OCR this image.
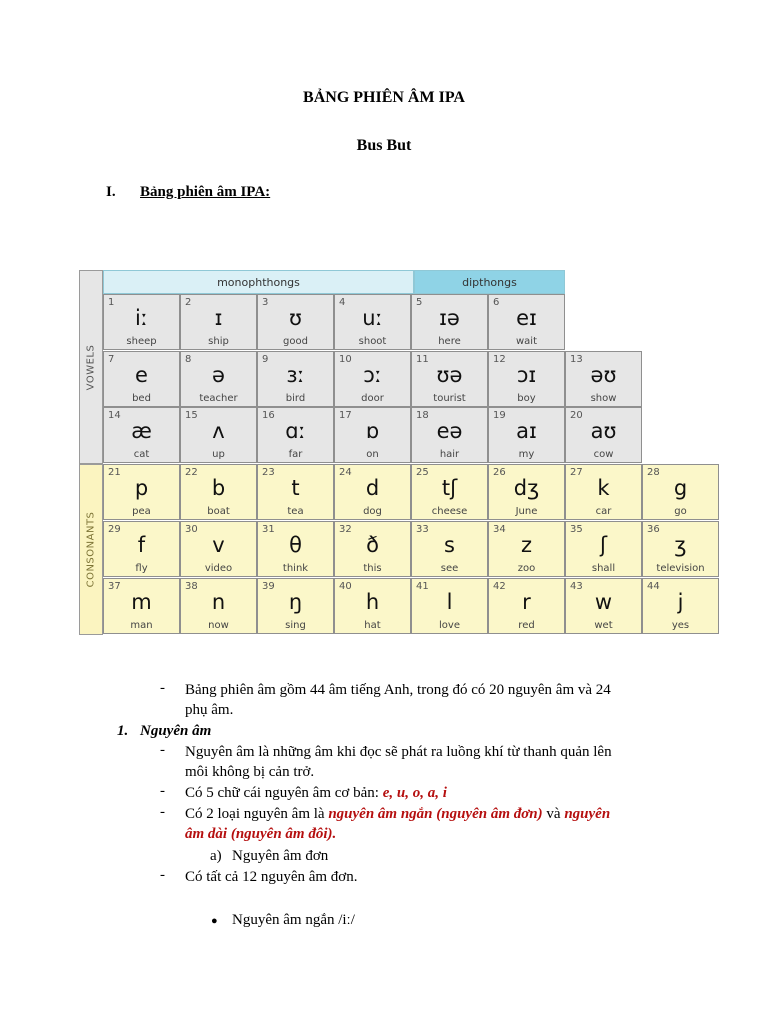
BẢNG PHIÊN ÂM IPA
Bus But
I. Bảng phiên âm IPA:
VOWELS
CONSONANTS
monophthongs	dipthongs
1
iː
sheep
2
ɪ
ship
3
ʊ
good
4
uː
shoot
5
ɪə
here
6
eɪ
wait
7
e
bed
8
ə
teacher
9
ɜː
bird
10
ɔː
door
11
ʊə
tourist
12
ɔɪ
boy
13
əʊ
show
14
æ
cat
15
ʌ
up
16
ɑː
far
17
ɒ
on
18
eə
hair
19
aɪ
my
20
aʊ
cow
21
p
pea
22
b
boat
23
t
tea
24
d
dog
25
tʃ
cheese
26
dʒ
June
27
k
car
28
g
go
29
f
fly
30
v
video
31
θ
think
32
ð
this
33
s
see
34
z
zoo
35
ʃ
shall
36
ʒ
television
37
m
man
38
n
now
39
ŋ
sing
40
h
hat
41
l
love
42
r
red
43
w
wet
44
j
yes
- Bảng phiên âm gồm 44 âm tiếng Anh, trong đó có 20 nguyên âm và 24
phụ âm.
1. Nguyên âm
- Nguyên âm là những âm khi đọc sẽ phát ra luồng khí từ thanh quản lên
môi không bị cản trở.
- Có 5 chữ cái nguyên âm cơ bản: e, u, o, a, i
- Có 2 loại nguyên âm là nguyên âm ngắn (nguyên âm đơn) và nguyên
âm dài (nguyên âm đôi).
a) Nguyên âm đơn
- Có tất cả 12 nguyên âm đơn.
● Nguyên âm ngắn /iː/
